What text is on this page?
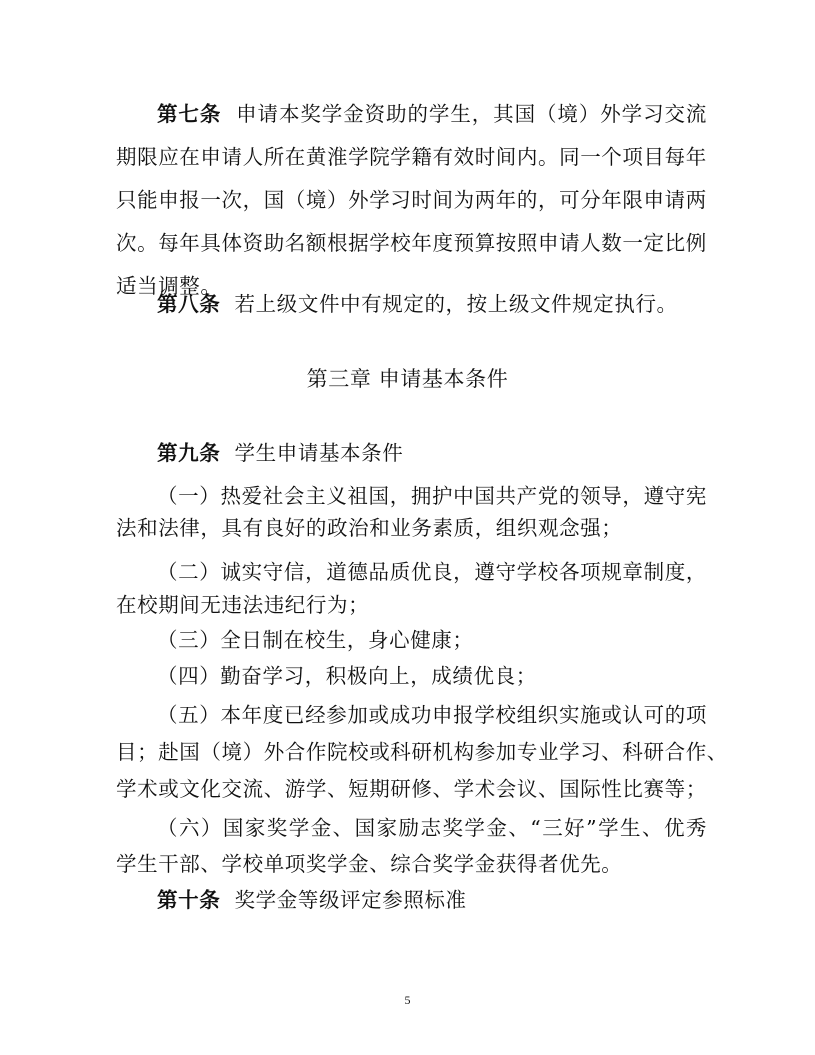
第七条 申请本奖学金资助的学生，其国（境）外学习交流
期限应在申请人所在黄淮学院学籍有效时间内。同一个项目每年
只能申报一次，国（境）外学习时间为两年的，可分年限申请两
次。每年具体资助名额根据学校年度预算按照申请人数一定比例
适当调整。
第八条 若上级文件中有规定的，按上级文件规定执行。
第三章 申请基本条件
第九条 学生申请基本条件
（一）热爱社会主义祖国，拥护中国共产党的领导，遵守宪
法和法律，具有良好的政治和业务素质，组织观念强；
（二）诚实守信，道德品质优良，遵守学校各项规章制度，
在校期间无违法违纪行为；
（三）全日制在校生，身心健康；
（四）勤奋学习，积极向上，成绩优良；
（五）本年度已经参加或成功申报学校组织实施或认可的项
目；赴国（境）外合作院校或科研机构参加专业学习、科研合作、
学术或文化交流、游学、短期研修、学术会议、国际性比赛等；
（六）国家奖学金、国家励志奖学金、“三好”学生、优秀
学生干部、学校单项奖学金、综合奖学金获得者优先。
第十条 奖学金等级评定参照标准
5
